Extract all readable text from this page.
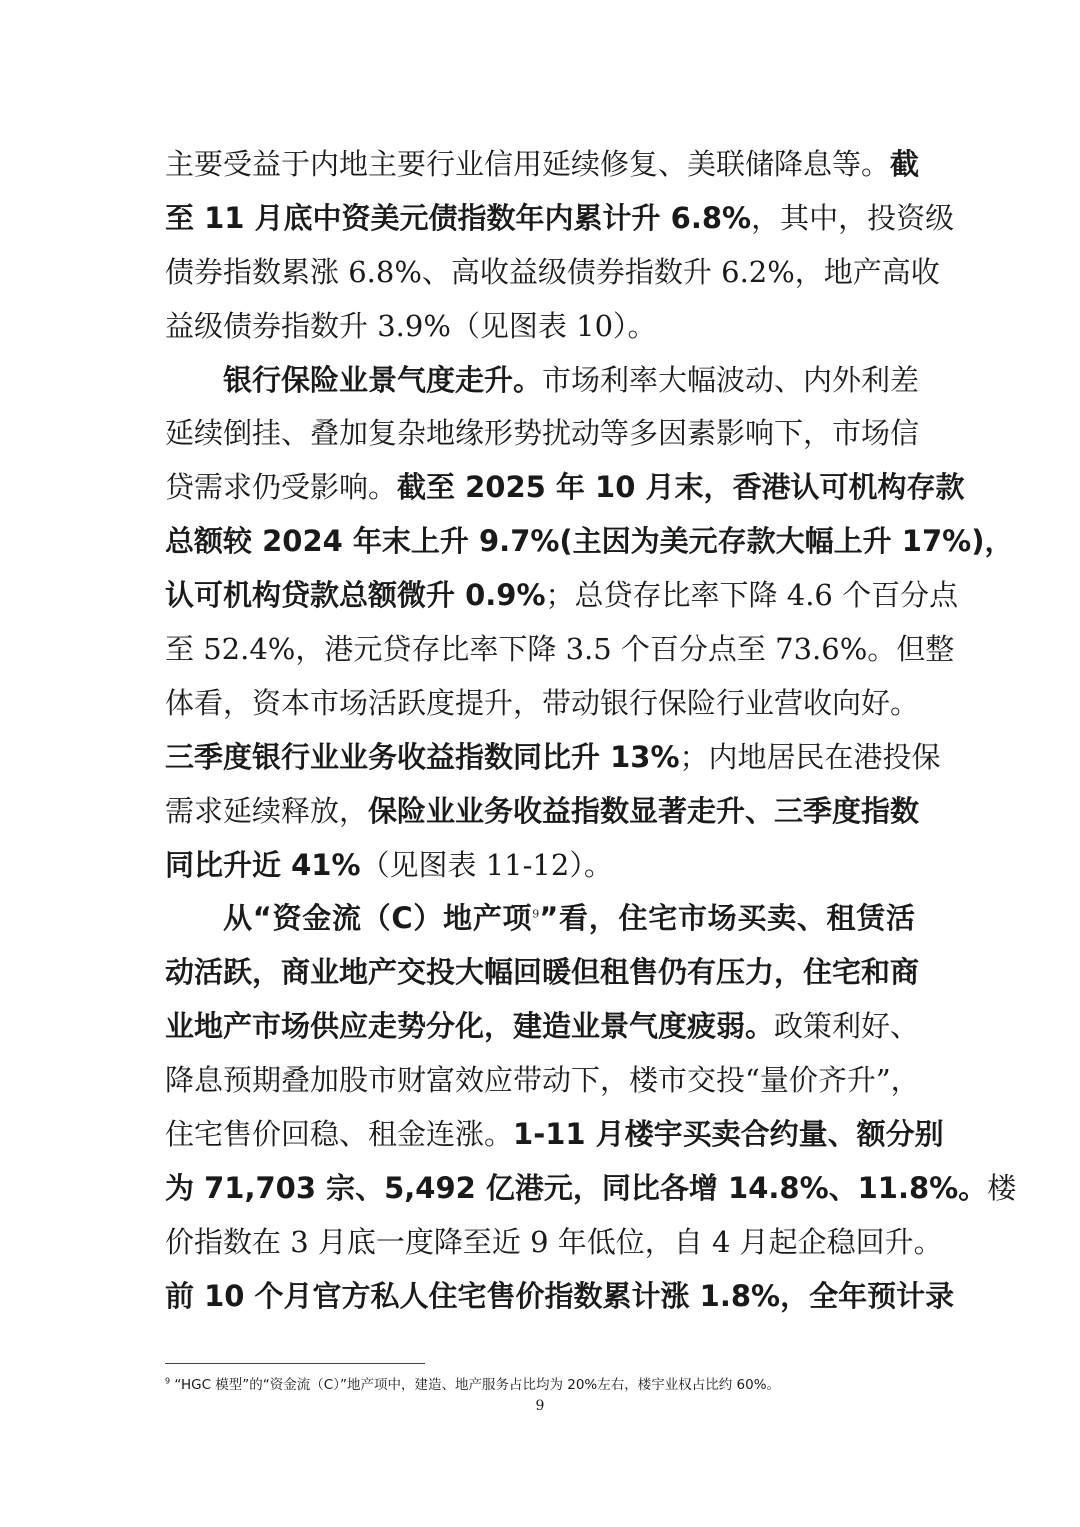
主要受益于内地主要行业信用延续修复、美联储降息等。截
至 11 月底中资美元债指数年内累计升 6.8%，其中，投资级
债券指数累涨 6.8%、高收益级债券指数升 6.2%，地产高收
益级债券指数升 3.9%（见图表 10）。
银行保险业景气度走升。市场利率大幅波动、内外利差
延续倒挂、叠加复杂地缘形势扰动等多因素影响下，市场信
贷需求仍受影响。截至 2025 年 10 月末，香港认可机构存款
总额较 2024 年末上升 9.7%(主因为美元存款大幅上升 17%)，
认可机构贷款总额微升 0.9%；总贷存比率下降 4.6 个百分点
至 52.4%，港元贷存比率下降 3.5 个百分点至 73.6%。但整
体看，资本市场活跃度提升，带动银行保险行业营收向好。
三季度银行业业务收益指数同比升 13%；内地居民在港投保
需求延续释放，保险业业务收益指数显著走升、三季度指数
同比升近 41%（见图表 11-12）。
从“资金流（C）地产项$^9$”看，住宅市场买卖、租赁活
动活跃，商业地产交投大幅回暖但租售仍有压力，住宅和商
业地产市场供应走势分化，建造业景气度疲弱。政策利好、
降息预期叠加股市财富效应带动下，楼市交投“量价齐升”，
住宅售价回稳、租金连涨。1-11 月楼宇买卖合约量、额分别
为 71,703 宗、5,492 亿港元，同比各增 14.8%、11.8%。楼
价指数在 3 月底一度降至近 9 年低位，自 4 月起企稳回升。
前 10 个月官方私人住宅售价指数累计涨 1.8%，全年预计录
$^9$ “HGC 模型”的“资金流（C）”地产项中，建造、地产服务占比均为 20%左右，楼宇业权占比约 60%。
9
